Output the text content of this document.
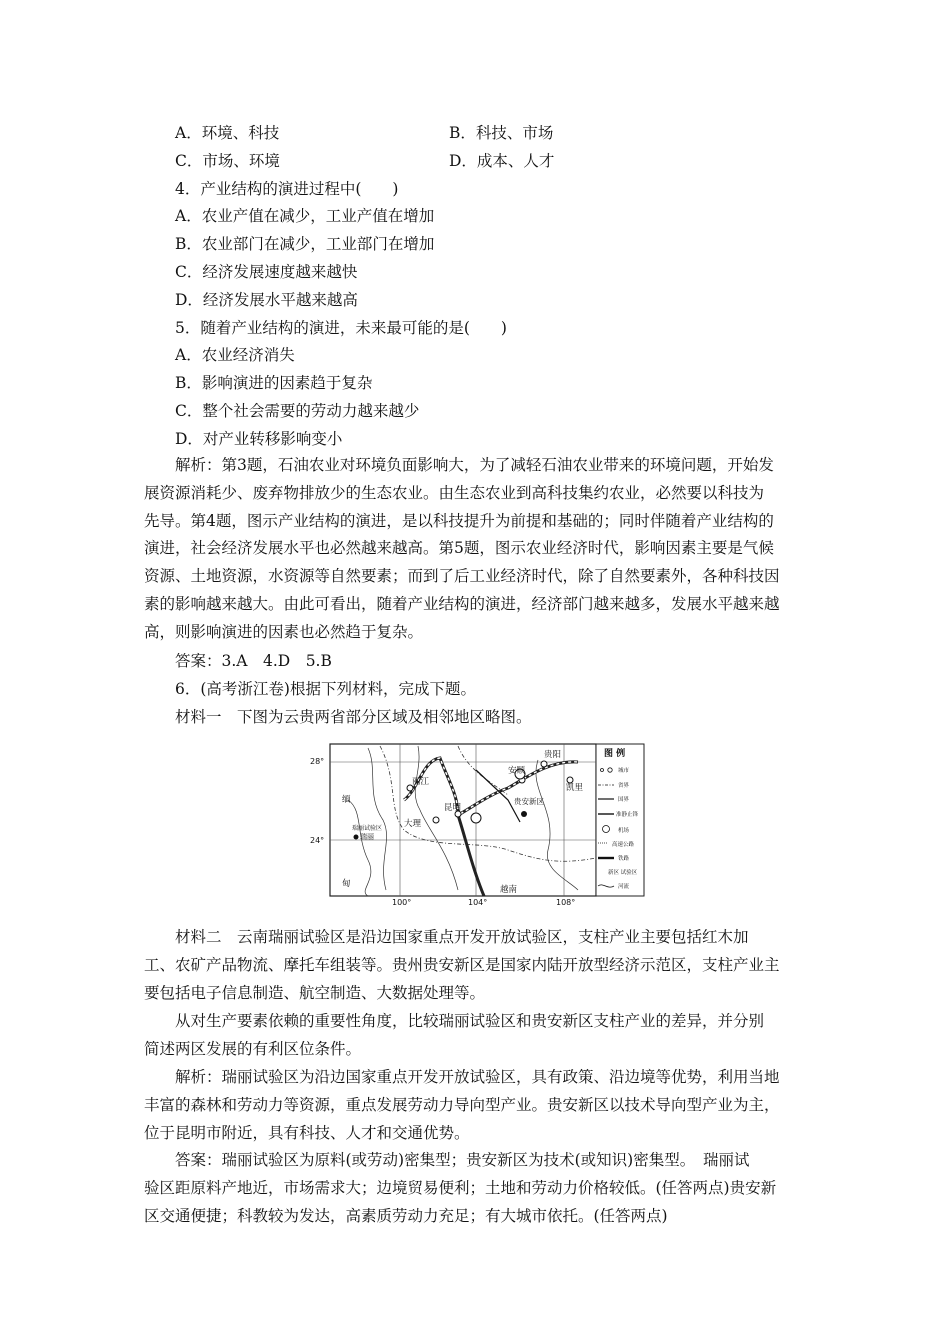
A．环境、科技	B．科技、市场
C．市场、环境	D．成本、人才
4．产业结构的演进过程中(　　)
A．农业产值在减少，工业产值在增加
B．农业部门在减少，工业部门在增加
C．经济发展速度越来越快
D．经济发展水平越来越高
5．随着产业结构的演进，未来最可能的是(　　)
A．农业经济消失
B．影响演进的因素趋于复杂
C．整个社会需要的劳动力越来越少
D．对产业转移影响变小
解析：第3题，石油农业对环境负面影响大，为了减轻石油农业带来的环境问题，开始发
展资源消耗少、废弃物排放少的生态农业。由生态农业到高科技集约农业，必然要以科技为
先导。第4题，图示产业结构的演进，是以科技提升为前提和基础的；同时伴随着产业结构的
演进，社会经济发展水平也必然越来越高。第5题，图示农业经济时代，影响因素主要是气候
资源、土地资源，水资源等自然要素；而到了后工业经济时代，除了自然要素外，各种科技因
素的影响越来越大。由此可看出，随着产业结构的演进，经济部门越来越多，发展水平越来越
高，则影响演进的因素也必然趋于复杂。
答案：3.A　4.D　5.B
6．(高考浙江卷)根据下列材料，完成下题。
材料一　下图为云贵两省部分区域及相邻地区略图。
28°
24°
100°	104°	108°
丽江
昆明
大理
安顺
贵阳
凯里
贵安新区
瑞丽试验区
瑞丽
缅
甸
越南
图 例
城市
省界
国界
准静止锋
机场
高速公路
铁路
新区 试验区
河流
材料二　云南瑞丽试验区是沿边国家重点开发开放试验区，支柱产业主要包括红木加
工、农矿产品物流、摩托车组装等。贵州贵安新区是国家内陆开放型经济示范区，支柱产业主
要包括电子信息制造、航空制造、大数据处理等。
从对生产要素依赖的重要性角度，比较瑞丽试验区和贵安新区支柱产业的差异，并分别
简述两区发展的有利区位条件。
解析：瑞丽试验区为沿边国家重点开发开放试验区，具有政策、沿边境等优势，利用当地
丰富的森林和劳动力等资源，重点发展劳动力导向型产业。贵安新区以技术导向型产业为主，
位于昆明市附近，具有科技、人才和交通优势。
答案：瑞丽试验区为原料(或劳动)密集型；贵安新区为技术(或知识)密集型。　瑞丽试
验区距原料产地近，市场需求大；边境贸易便利；土地和劳动力价格较低。(任答两点)贵安新
区交通便捷；科教较为发达，高素质劳动力充足；有大城市依托。(任答两点)
